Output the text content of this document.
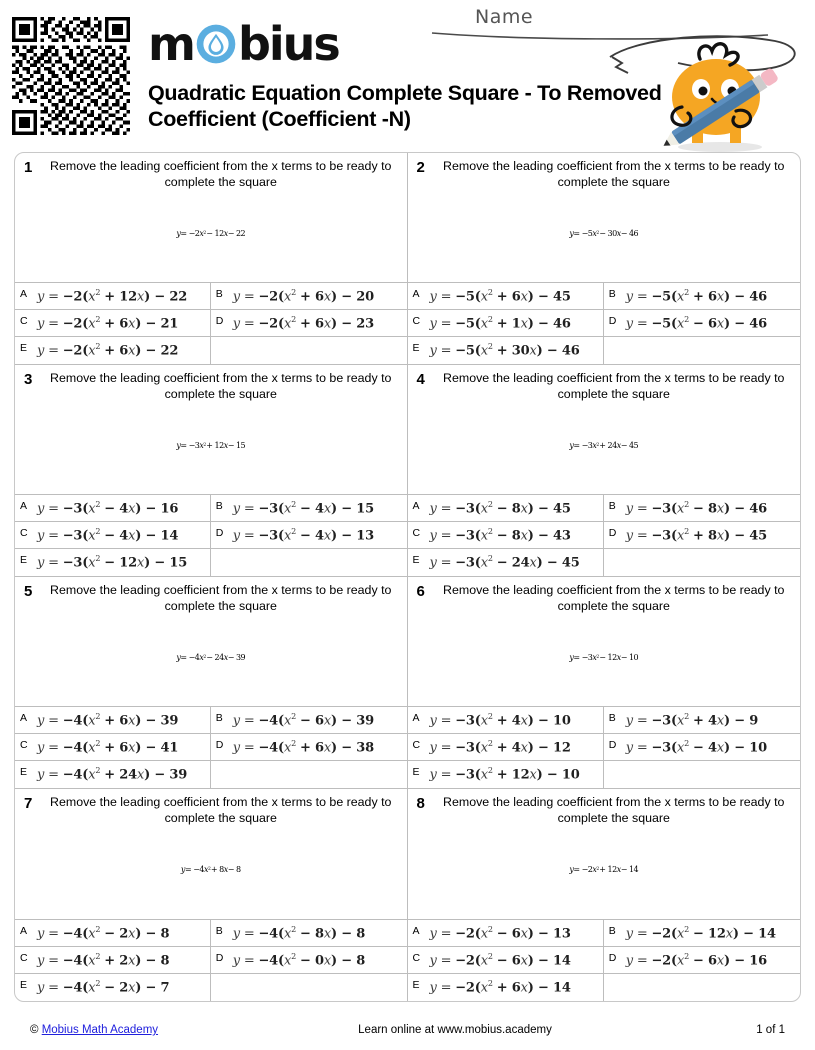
m bius
Quadratic Equation Complete Square - To Removed Coefficient (Coefficient -N)
Name
1	Remove the leading coefficient from the x terms to be ready to complete the square
y = −2 x 2 − 12 x − 22
A $y = -2(x^2 + 12x) - 22$	B $y = -2(x^2 + 6x) - 20$
C $y = -2(x^2 + 6x) - 21$	D $y = -2(x^2 + 6x) - 23$
E $y = -2(x^2 + 6x) - 22$
2	Remove the leading coefficient from the x terms to be ready to complete the square
y = −5 x 2 − 30 x − 46
A $y = -5(x^2 + 6x) - 45$	B $y = -5(x^2 + 6x) - 46$
C $y = -5(x^2 + 1x) - 46$	D $y = -5(x^2 - 6x) - 46$
E $y = -5(x^2 + 30x) - 46$
3	Remove the leading coefficient from the x terms to be ready to complete the square
y = −3 x 2 + 12 x − 15
A $y = -3(x^2 - 4x) - 16$	B $y = -3(x^2 - 4x) - 15$
C $y = -3(x^2 - 4x) - 14$	D $y = -3(x^2 - 4x) - 13$
E $y = -3(x^2 - 12x) - 15$
4	Remove the leading coefficient from the x terms to be ready to complete the square
y = −3 x 2 + 24 x − 45
A $y = -3(x^2 - 8x) - 45$	B $y = -3(x^2 - 8x) - 46$
C $y = -3(x^2 - 8x) - 43$	D $y = -3(x^2 + 8x) - 45$
E $y = -3(x^2 - 24x) - 45$
5	Remove the leading coefficient from the x terms to be ready to complete the square
y = −4 x 2 − 24 x − 39
A $y = -4(x^2 + 6x) - 39$	B $y = -4(x^2 - 6x) - 39$
C $y = -4(x^2 + 6x) - 41$	D $y = -4(x^2 + 6x) - 38$
E $y = -4(x^2 + 24x) - 39$
6	Remove the leading coefficient from the x terms to be ready to complete the square
y = −3 x 2 − 12 x − 10
A $y = -3(x^2 + 4x) - 10$	B $y = -3(x^2 + 4x) - 9$
C $y = -3(x^2 + 4x) - 12$	D $y = -3(x^2 - 4x) - 10$
E $y = -3(x^2 + 12x) - 10$
7	Remove the leading coefficient from the x terms to be ready to complete the square
y = −4 x 2 + 8 x − 8
A $y = -4(x^2 - 2x) - 8$	B $y = -4(x^2 - 8x) - 8$
C $y = -4(x^2 + 2x) - 8$	D $y = -4(x^2 - 0x) - 8$
E $y = -4(x^2 - 2x) - 7$
8	Remove the leading coefficient from the x terms to be ready to complete the square
y = −2 x 2 + 12 x − 14
A $y = -2(x^2 - 6x) - 13$	B $y = -2(x^2 - 12x) - 14$
C $y = -2(x^2 - 6x) - 14$	D $y = -2(x^2 - 6x) - 16$
E $y = -2(x^2 + 6x) - 14$
© Mobius Math Academy	Learn online at www.mobius.academy	1 of 1
